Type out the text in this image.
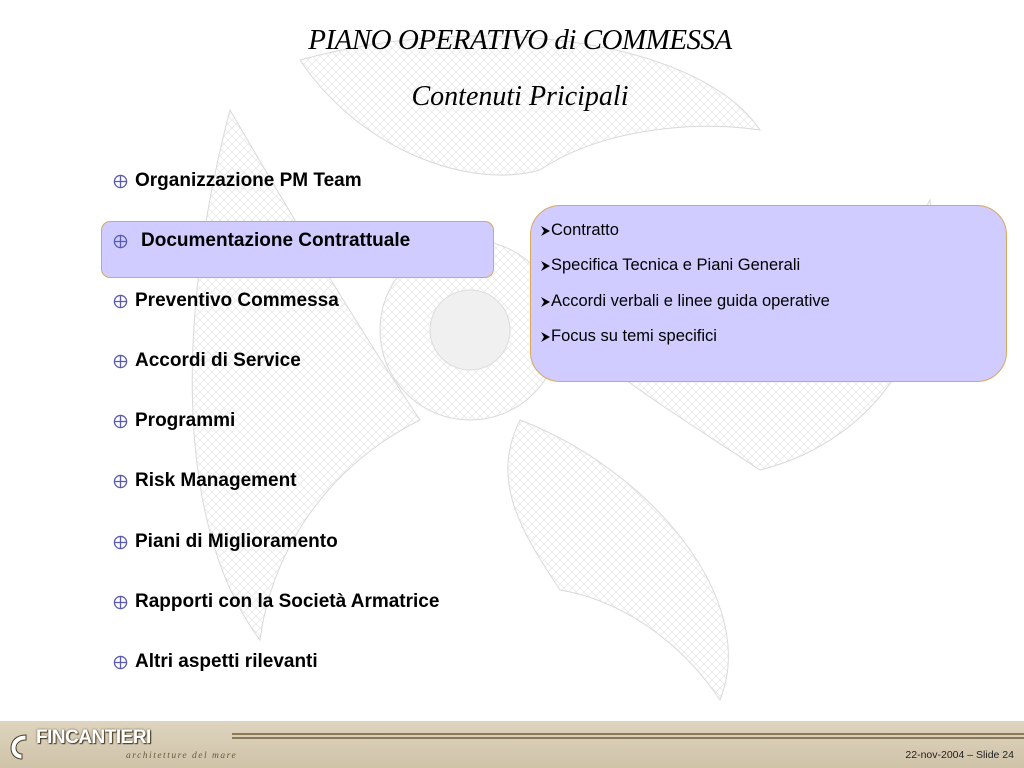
PIANO OPERATIVO di COMMESSA
Contenuti Pricipali
Organizzazione PM Team
Documentazione Contrattuale
Preventivo Commessa
Accordi di Service
Programmi
Risk Management
Piani di Miglioramento
Rapporti con la Società Armatrice
Altri aspetti rilevanti
Contratto
Specifica Tecnica e Piani Generali
Accordi verbali e linee guida operative
Focus su temi specifici
FINCANTIERI
architetture del mare	22-nov-2004 – Slide 24
